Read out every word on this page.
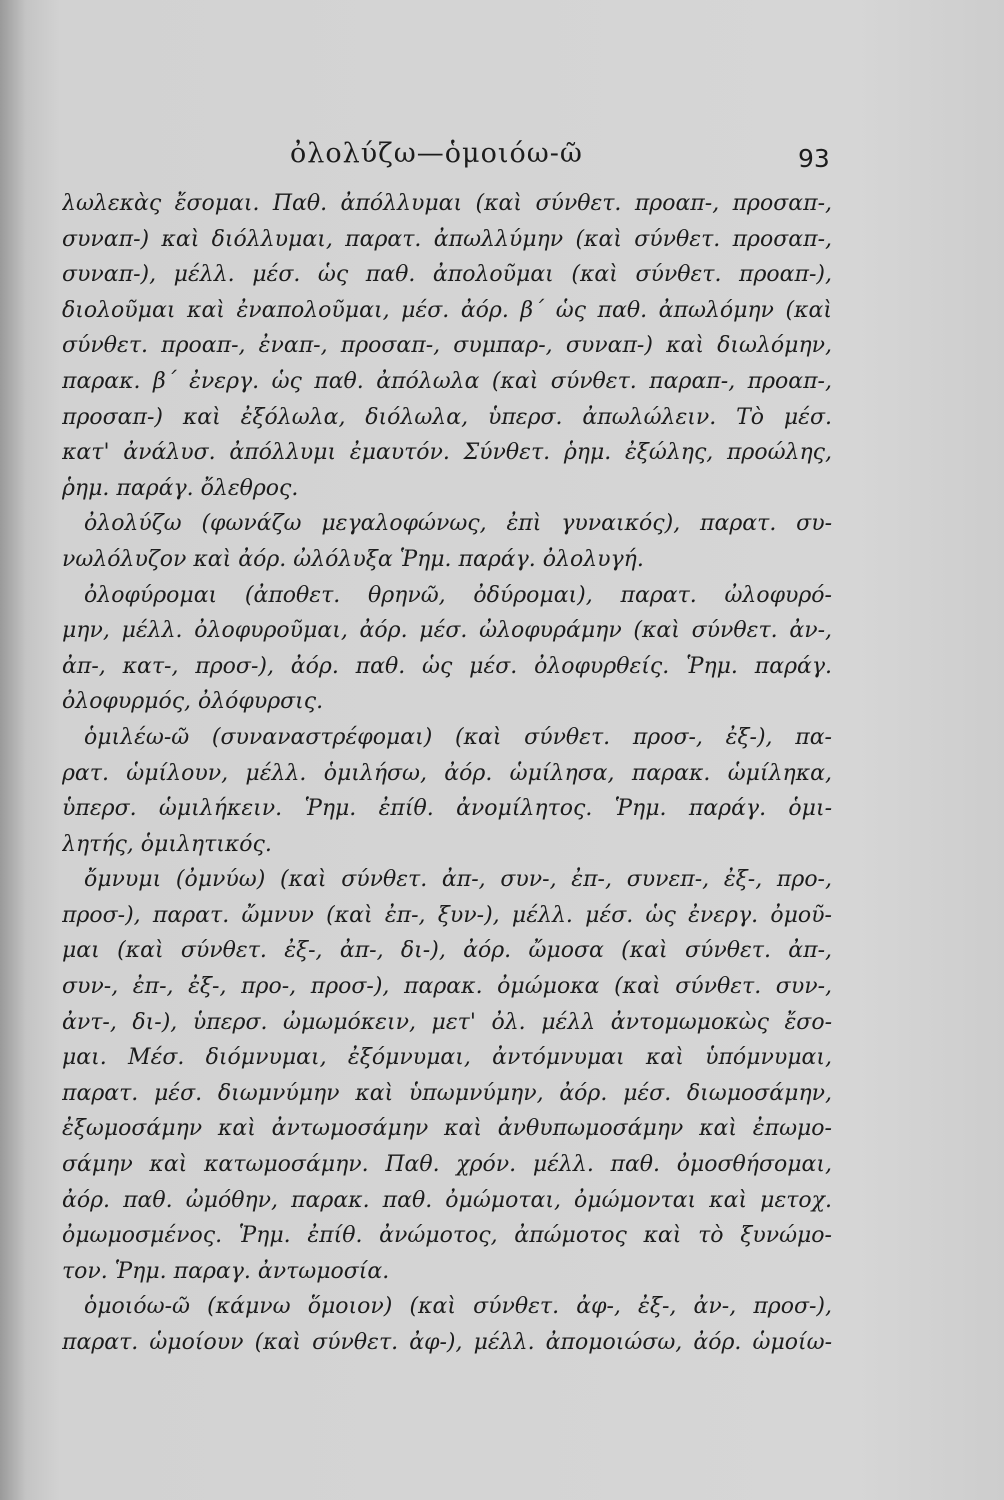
ὀλολύζω—ὁμοιόω-ῶ	93
λωλεκὰς ἔσομαι. Παθ. ἀπόλλυμαι (καὶ σύνθετ. προαπ-, προσαπ-,
συναπ-) καὶ διόλλυμαι, παρατ. ἀπωλλύμην (καὶ σύνθετ. προσαπ-,
συναπ-), μέλλ. μέσ. ὡς παθ. ἀπολοῦμαι (καὶ σύνθετ. προαπ-),
διολοῦμαι καὶ ἐναπολοῦμαι, μέσ. ἀόρ. β΄ ὡς παθ. ἀπωλόμην (καὶ
σύνθετ. προαπ-, ἐναπ-, προσαπ-, συμπαρ-, συναπ-) καὶ διωλόμην,
παρακ. β΄ ἐνεργ. ὡς παθ. ἀπόλωλα (καὶ σύνθετ. παραπ-, προαπ-,
προσαπ-) καὶ ἐξόλωλα, διόλωλα, ὑπερσ. ἀπωλώλειν. Τὸ μέσ.
κατ' ἀνάλυσ. ἀπόλλυμι ἐμαυτόν. Σύνθετ. ῥημ. ἐξώλης, προώλης,
ῥημ. παράγ. ὄλεθρος.
ὀλολύζω (φωνάζω μεγαλοφώνως, ἐπὶ γυναικός), παρατ. συ-
νωλόλυζον καὶ ἀόρ. ὠλόλυξα Ῥημ. παράγ. ὀλολυγή.
ὀλοφύρομαι (ἀποθετ. θρηνῶ, ὀδύρομαι), παρατ. ὠλοφυρό-
μην, μέλλ. ὀλοφυροῦμαι, ἀόρ. μέσ. ὠλοφυράμην (καὶ σύνθετ. ἀν-,
ἀπ-, κατ-, προσ-), ἀόρ. παθ. ὡς μέσ. ὀλοφυρθείς. Ῥημ. παράγ.
ὀλοφυρμός, ὀλόφυρσις.
ὁμιλέω-ῶ (συναναστρέφομαι) (καὶ σύνθετ. προσ-, ἐξ-), πα-
ρατ. ὡμίλουν, μέλλ. ὁμιλήσω, ἀόρ. ὡμίλησα, παρακ. ὡμίληκα,
ὑπερσ. ὡμιλήκειν. Ῥημ. ἐπίθ. ἀνομίλητος. Ῥημ. παράγ. ὁμι-
λητής, ὁμιλητικός.
ὄμνυμι (ὀμνύω) (καὶ σύνθετ. ἀπ-, συν-, ἐπ-, συνεπ-, ἐξ-, προ-,
προσ-), παρατ. ὤμνυν (καὶ ἐπ-, ξυν-), μέλλ. μέσ. ὡς ἐνεργ. ὀμοῦ-
μαι (καὶ σύνθετ. ἐξ-, ἀπ-, δι-), ἀόρ. ὤμοσα (καὶ σύνθετ. ἀπ-,
συν-, ἐπ-, ἐξ-, προ-, προσ-), παρακ. ὀμώμοκα (καὶ σύνθετ. συν-,
ἀντ-, δι-), ὑπερσ. ὠμωμόκειν, μετ' ὀλ. μέλλ ἀντομωμοκὼς ἔσο-
μαι. Μέσ. διόμνυμαι, ἐξόμνυμαι, ἀντόμνυμαι καὶ ὑπόμνυμαι,
παρατ. μέσ. διωμνύμην καὶ ὑπωμνύμην, ἀόρ. μέσ. διωμοσάμην,
ἐξωμοσάμην καὶ ἀντωμοσάμην καὶ ἀνθυπωμοσάμην καὶ ἐπωμο-
σάμην καὶ κατωμοσάμην. Παθ. χρόν. μέλλ. παθ. ὀμοσθήσομαι,
ἀόρ. παθ. ὠμόθην, παρακ. παθ. ὀμώμοται, ὀμώμονται καὶ μετοχ.
ὀμωμοσμένος. Ῥημ. ἐπίθ. ἀνώμοτος, ἀπώμοτος καὶ τὸ ξυνώμο-
τον. Ῥημ. παραγ. ἀντωμοσία.
ὁμοιόω-ῶ (κάμνω ὅμοιον) (καὶ σύνθετ. ἀφ-, ἐξ-, ἀν-, προσ-),
παρατ. ὡμοίουν (καὶ σύνθετ. ἀφ-), μέλλ. ἀπομοιώσω, ἀόρ. ὡμοίω-
